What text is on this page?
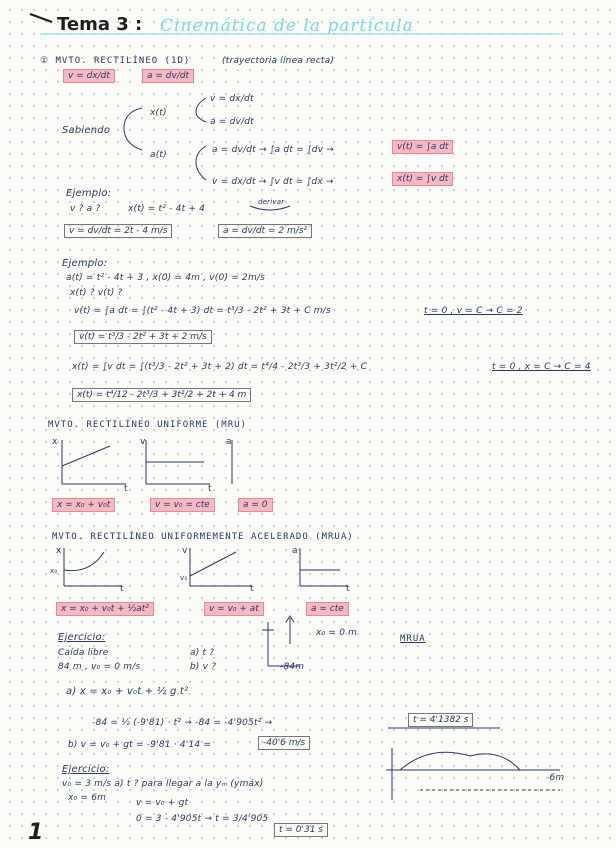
Tema 3 : Cinemática de la partícula
① MVTO. RECTILÍNEO (1D)	(trayectoria línea recta)
v = dx/dt	a = dv/dt
Sabiendo
x(t)
a(t)
v = dx/dt
a = dv/dt
a = dv/dt → ∫a dt = ∫dv →	v(t) = ∫a dt
v = dx/dt → ∫v dt = ∫dx →	x(t) = ∫v dt
Ejemplo:
v ? a ?	x(t) = t² - 4t + 4
derivar
v = dv/dt = 2t - 4 m/s	a = dv/dt = 2 m/s²
Ejemplo:
a(t) = t² - 4t + 3 , x(0) = 4m , v(0) = 2m/s
x(t) ? v(t) ?
v(t) = ∫a dt = ∫(t² - 4t + 3) dt = t³/3 - 2t² + 3t + C m/s	t = 0 , v = C → C = 2
v(t) = t³/3 - 2t² + 3t + 2 m/s
x(t) = ∫v dt = ∫(t³/3 - 2t² + 3t + 2) dt = t⁴/4 - 2t³/3 + 3t²/2 + C	t = 0 , x = C → C = 4
x(t) = t⁴/12 - 2t³/3 + 3t²/2 + 2t + 4 m
MVTO. RECTILÍNEO UNIFORME (MRU)
x
t
v
t
a
x = x₀ + v₀t	v = v₀ = cte	a = 0
MVTO. RECTILÍNEO UNIFORMEMENTE ACELERADO (MRUA)
x
x₀
t
v
v₀
t
a
t
x = x₀ + v₀t + ½at²	v = v₀ + at	a = cte
Ejercicio:
Caída libre
84 m , v₀ = 0 m/s
a) t ?
b) v ?
x₀ = 0 m
-84m
MRUA
a) x = x₀ + v₀t + ½ g t²
-84 = ½ (-9'81) · t² → -84 = -4'905t² →	t = 4'1382 s
b) v = v₀ + gt = -9'81 · 4'14 =	-40'6 m/s
Ejercicio:
v₀ = 3 m/s a) t ? para llegar a la yₘ (ymáx)
x₀ = 6m	v = v₀ + gt
0 = 3 - 4'905t → t = 3/4'905
t = 0'31 s
-6m
1
